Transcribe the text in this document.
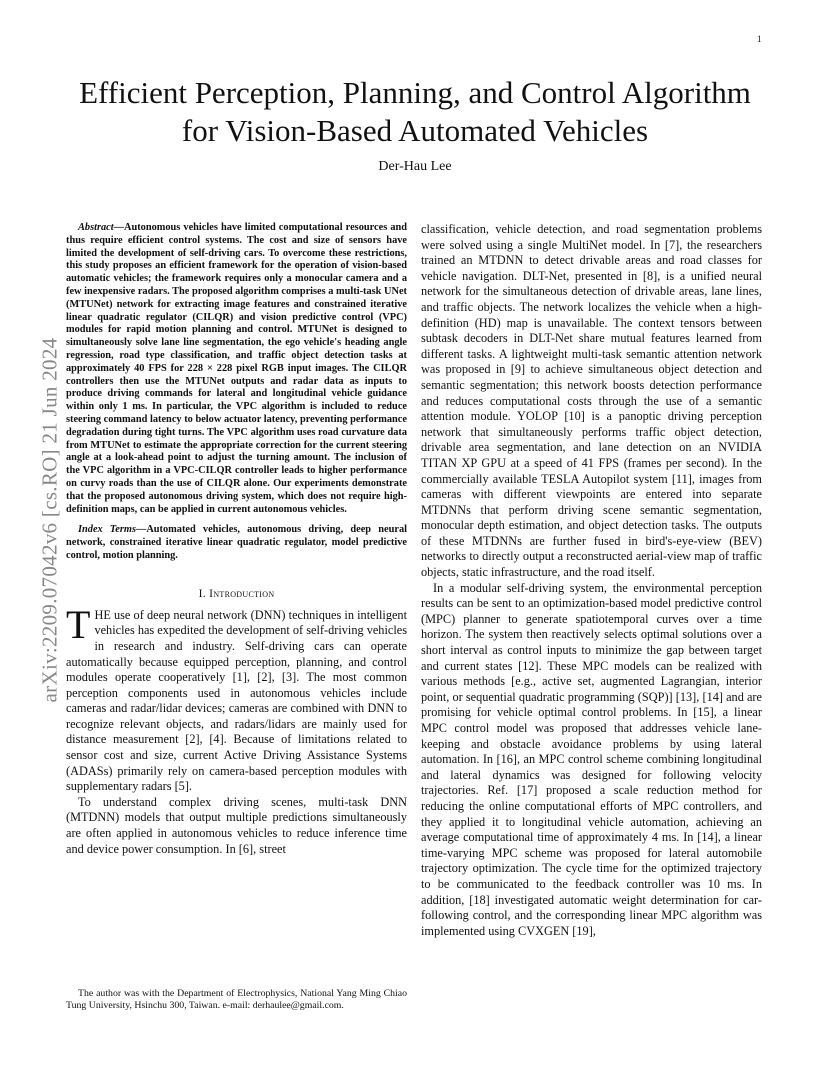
1
arXiv:2209.07042v6 [cs.RO] 21 Jun 2024
Efficient Perception, Planning, and Control Algorithm for Vision-Based Automated Vehicles
Der-Hau Lee

Abstract—Autonomous vehicles have limited computational resources and thus require efficient control systems. The cost and size of sensors have limited the development of self-driving cars. To overcome these restrictions, this study proposes an efficient framework for the operation of vision-based automatic vehicles; the framework requires only a monocular camera and a few inexpensive radars. The proposed algorithm comprises a multi-task UNet (MTUNet) network for extracting image features and constrained iterative linear quadratic regulator (CILQR) and vision predictive control (VPC) modules for rapid motion planning and control. MTUNet is designed to simultaneously solve lane line segmentation, the ego vehicle's heading angle regression, road type classification, and traffic object detection tasks at approximately 40 FPS for 228 × 228 pixel RGB input images. The CILQR controllers then use the MTUNet outputs and radar data as inputs to produce driving commands for lateral and longitudinal vehicle guidance within only 1 ms. In particular, the VPC algorithm is included to reduce steering command latency to below actuator latency, preventing performance degradation during tight turns. The VPC algorithm uses road curvature data from MTUNet to estimate the appropriate correction for the current steering angle at a look-ahead point to adjust the turning amount. The inclusion of the VPC algorithm in a VPC-CILQR controller leads to higher performance on curvy roads than the use of CILQR alone. Our experiments demonstrate that the proposed autonomous driving system, which does not require high-definition maps, can be applied in current autonomous vehicles.

Index Terms—Automated vehicles, autonomous driving, deep neural network, constrained iterative linear quadratic regulator, model predictive control, motion planning.

I. Introduction

THE use of deep neural network (DNN) techniques in intelligent vehicles has expedited the development of self-driving vehicles in research and industry. Self-driving cars can operate automatically because equipped perception, planning, and control modules operate cooperatively [1], [2], [3]. The most common perception components used in autonomous vehicles include cameras and radar/lidar devices; cameras are combined with DNN to recognize relevant objects, and radars/lidars are mainly used for distance measurement [2], [4]. Because of limitations related to sensor cost and size, current Active Driving Assistance Systems (ADASs) primarily rely on camera-based perception modules with supplementary radars [5].

To understand complex driving scenes, multi-task DNN (MTDNN) models that output multiple predictions simultaneously are often applied in autonomous vehicles to reduce inference time and device power consumption. In [6], street

The author was with the Department of Electrophysics, National Yang Ming Chiao Tung University, Hsinchu 300, Taiwan. e-mail: derhaulee@gmail.com.

classification, vehicle detection, and road segmentation problems were solved using a single MultiNet model. In [7], the researchers trained an MTDNN to detect drivable areas and road classes for vehicle navigation. DLT-Net, presented in [8], is a unified neural network for the simultaneous detection of drivable areas, lane lines, and traffic objects. The network localizes the vehicle when a high-definition (HD) map is unavailable. The context tensors between subtask decoders in DLT-Net share mutual features learned from different tasks. A lightweight multi-task semantic attention network was proposed in [9] to achieve simultaneous object detection and semantic segmentation; this network boosts detection performance and reduces computational costs through the use of a semantic attention module. YOLOP [10] is a panoptic driving perception network that simultaneously performs traffic object detection, drivable area segmentation, and lane detection on an NVIDIA TITAN XP GPU at a speed of 41 FPS (frames per second). In the commercially available TESLA Autopilot system [11], images from cameras with different viewpoints are entered into separate MTDNNs that perform driving scene semantic segmentation, monocular depth estimation, and object detection tasks. The outputs of these MTDNNs are further fused in bird's-eye-view (BEV) networks to directly output a reconstructed aerial-view map of traffic objects, static infrastructure, and the road itself.

In a modular self-driving system, the environmental perception results can be sent to an optimization-based model predictive control (MPC) planner to generate spatiotemporal curves over a time horizon. The system then reactively selects optimal solutions over a short interval as control inputs to minimize the gap between target and current states [12]. These MPC models can be realized with various methods [e.g., active set, augmented Lagrangian, interior point, or sequential quadratic programming (SQP)] [13], [14] and are promising for vehicle optimal control problems. In [15], a linear MPC control model was proposed that addresses vehicle lane-keeping and obstacle avoidance problems by using lateral automation. In [16], an MPC control scheme combining longitudinal and lateral dynamics was designed for following velocity trajectories. Ref. [17] proposed a scale reduction method for reducing the online computational efforts of MPC controllers, and they applied it to longitudinal vehicle automation, achieving an average computational time of approximately 4 ms. In [14], a linear time-varying MPC scheme was proposed for lateral automobile trajectory optimization. The cycle time for the optimized trajectory to be communicated to the feedback controller was 10 ms. In addition, [18] investigated automatic weight determination for car-following control, and the corresponding linear MPC algorithm was implemented using CVXGEN [19],
